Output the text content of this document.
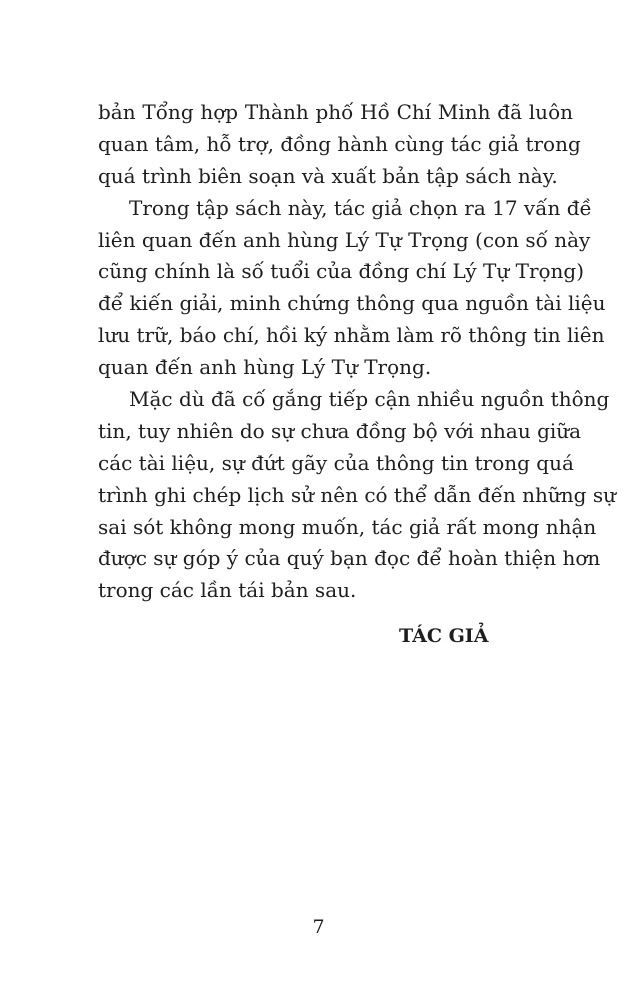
bản Tổng hợp Thành phố Hồ Chí Minh đã luôn
quan tâm, hỗ trợ, đồng hành cùng tác giả trong
quá trình biên soạn và xuất bản tập sách này.
Trong tập sách này, tác giả chọn ra 17 vấn đề
liên quan đến anh hùng Lý Tự Trọng (con số này
cũng chính là số tuổi của đồng chí Lý Tự Trọng)
để kiến giải, minh chứng thông qua nguồn tài liệu
lưu trữ, báo chí, hồi ký nhằm làm rõ thông tin liên
quan đến anh hùng Lý Tự Trọng.
Mặc dù đã cố gắng tiếp cận nhiều nguồn thông
tin, tuy nhiên do sự chưa đồng bộ với nhau giữa
các tài liệu, sự đứt gãy của thông tin trong quá
trình ghi chép lịch sử nên có thể dẫn đến những sự
sai sót không mong muốn, tác giả rất mong nhận
được sự góp ý của quý bạn đọc để hoàn thiện hơn
trong các lần tái bản sau.
TÁC GIẢ
7
